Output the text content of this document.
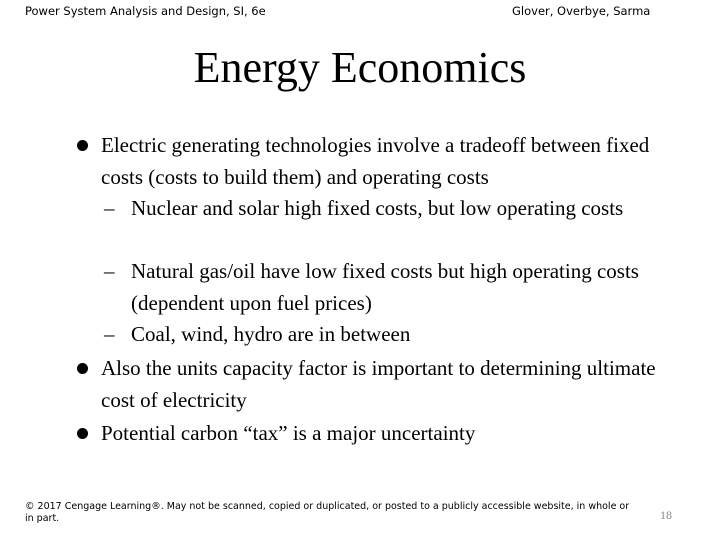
Power System Analysis and Design, SI, 6e	Glover, Overbye, Sarma
Energy Economics
Electric generating technologies involve a tradeoff between fixed costs (costs to build them) and operating costs
– Nuclear and solar high fixed costs, but low operating costs
– Natural gas/oil have low fixed costs but high operating costs (dependent upon fuel prices)
– Coal, wind, hydro are in between
Also the units capacity factor is important to determining ultimate cost of electricity
Potential carbon “tax” is a major uncertainty
© 2017 Cengage Learning®. May not be scanned, copied or duplicated, or posted to a publicly accessible website, in whole or in part.	18
